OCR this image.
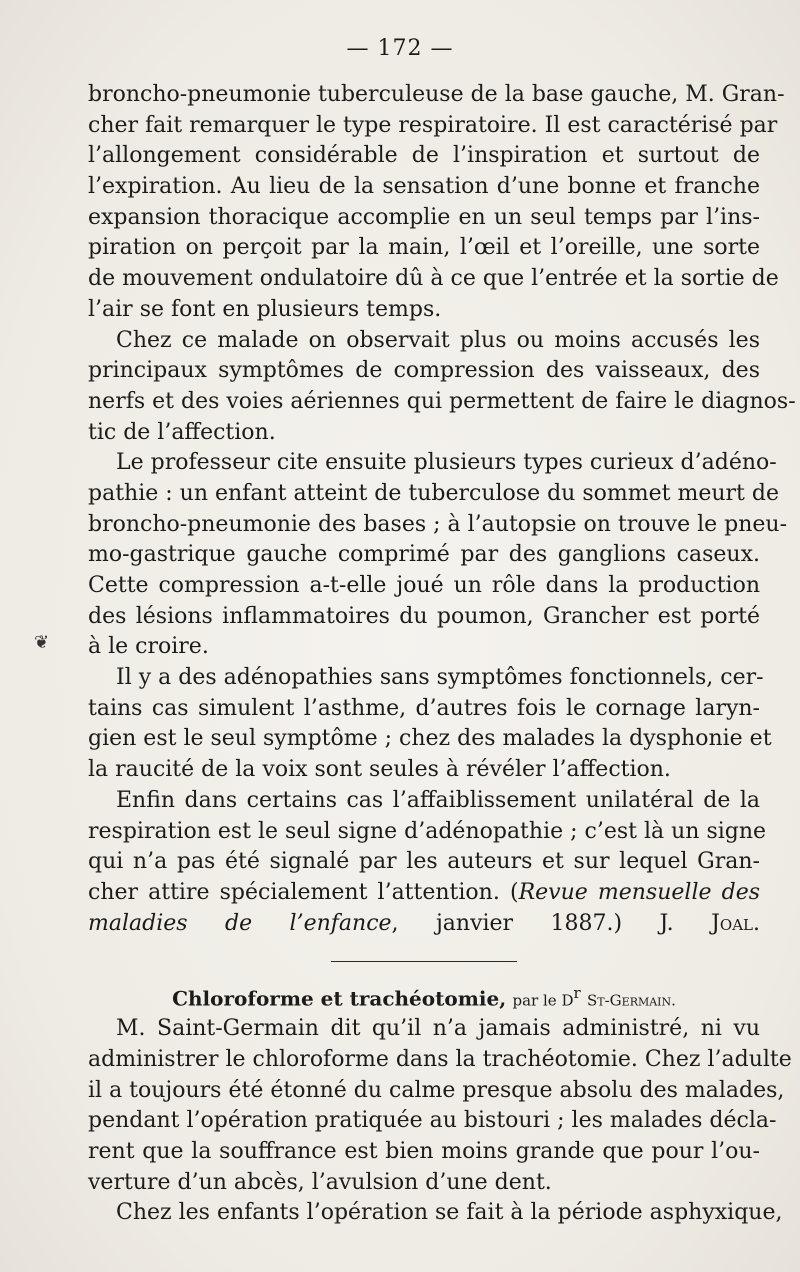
— 172 —
❦
broncho-pneumonie tuberculeuse de la base gauche, M. Gran-
cher fait remarquer le type respiratoire. Il est caractérisé par
l’allongement considérable de l’inspiration et surtout de
l’expiration. Au lieu de la sensation d’une bonne et franche
expansion thoracique accomplie en un seul temps par l’ins-
piration on perçoit par la main, l’œil et l’oreille, une sorte
de mouvement ondulatoire dû à ce que l’entrée et la sortie de
l’air se font en plusieurs temps.
Chez ce malade on observait plus ou moins accusés les
principaux symptômes de compression des vaisseaux, des
nerfs et des voies aériennes qui permettent de faire le diagnos-
tic de l’affection.
Le professeur cite ensuite plusieurs types curieux d’adéno-
pathie : un enfant atteint de tuberculose du sommet meurt de
broncho-pneumonie des bases ; à l’autopsie on trouve le pneu-
mo-gastrique gauche comprimé par des ganglions caseux.
Cette compression a-t-elle joué un rôle dans la production
des lésions inflammatoires du poumon, Grancher est porté
à le croire.
Il y a des adénopathies sans symptômes fonctionnels, cer-
tains cas simulent l’asthme, d’autres fois le cornage laryn-
gien est le seul symptôme ; chez des malades la dysphonie et
la raucité de la voix sont seules à révéler l’affection.
Enfin dans certains cas l’affaiblissement unilatéral de la
respiration est le seul signe d’adénopathie ; c’est là un signe
qui n’a pas été signalé par les auteurs et sur lequel Gran-
cher attire spécialement l’attention. (Revue mensuelle des
maladies de l’enfance, janvier 1887.) J. Joal.
Chloroforme et trachéotomie, par le $D^r$ St-Germain.
M. Saint-Germain dit qu’il n’a jamais administré, ni vu
administrer le chloroforme dans la trachéotomie. Chez l’adulte
il a toujours été étonné du calme presque absolu des malades,
pendant l’opération pratiquée au bistouri ; les malades décla-
rent que la souffrance est bien moins grande que pour l’ou-
verture d’un abcès, l’avulsion d’une dent.
Chez les enfants l’opération se fait à la période asphyxique,
